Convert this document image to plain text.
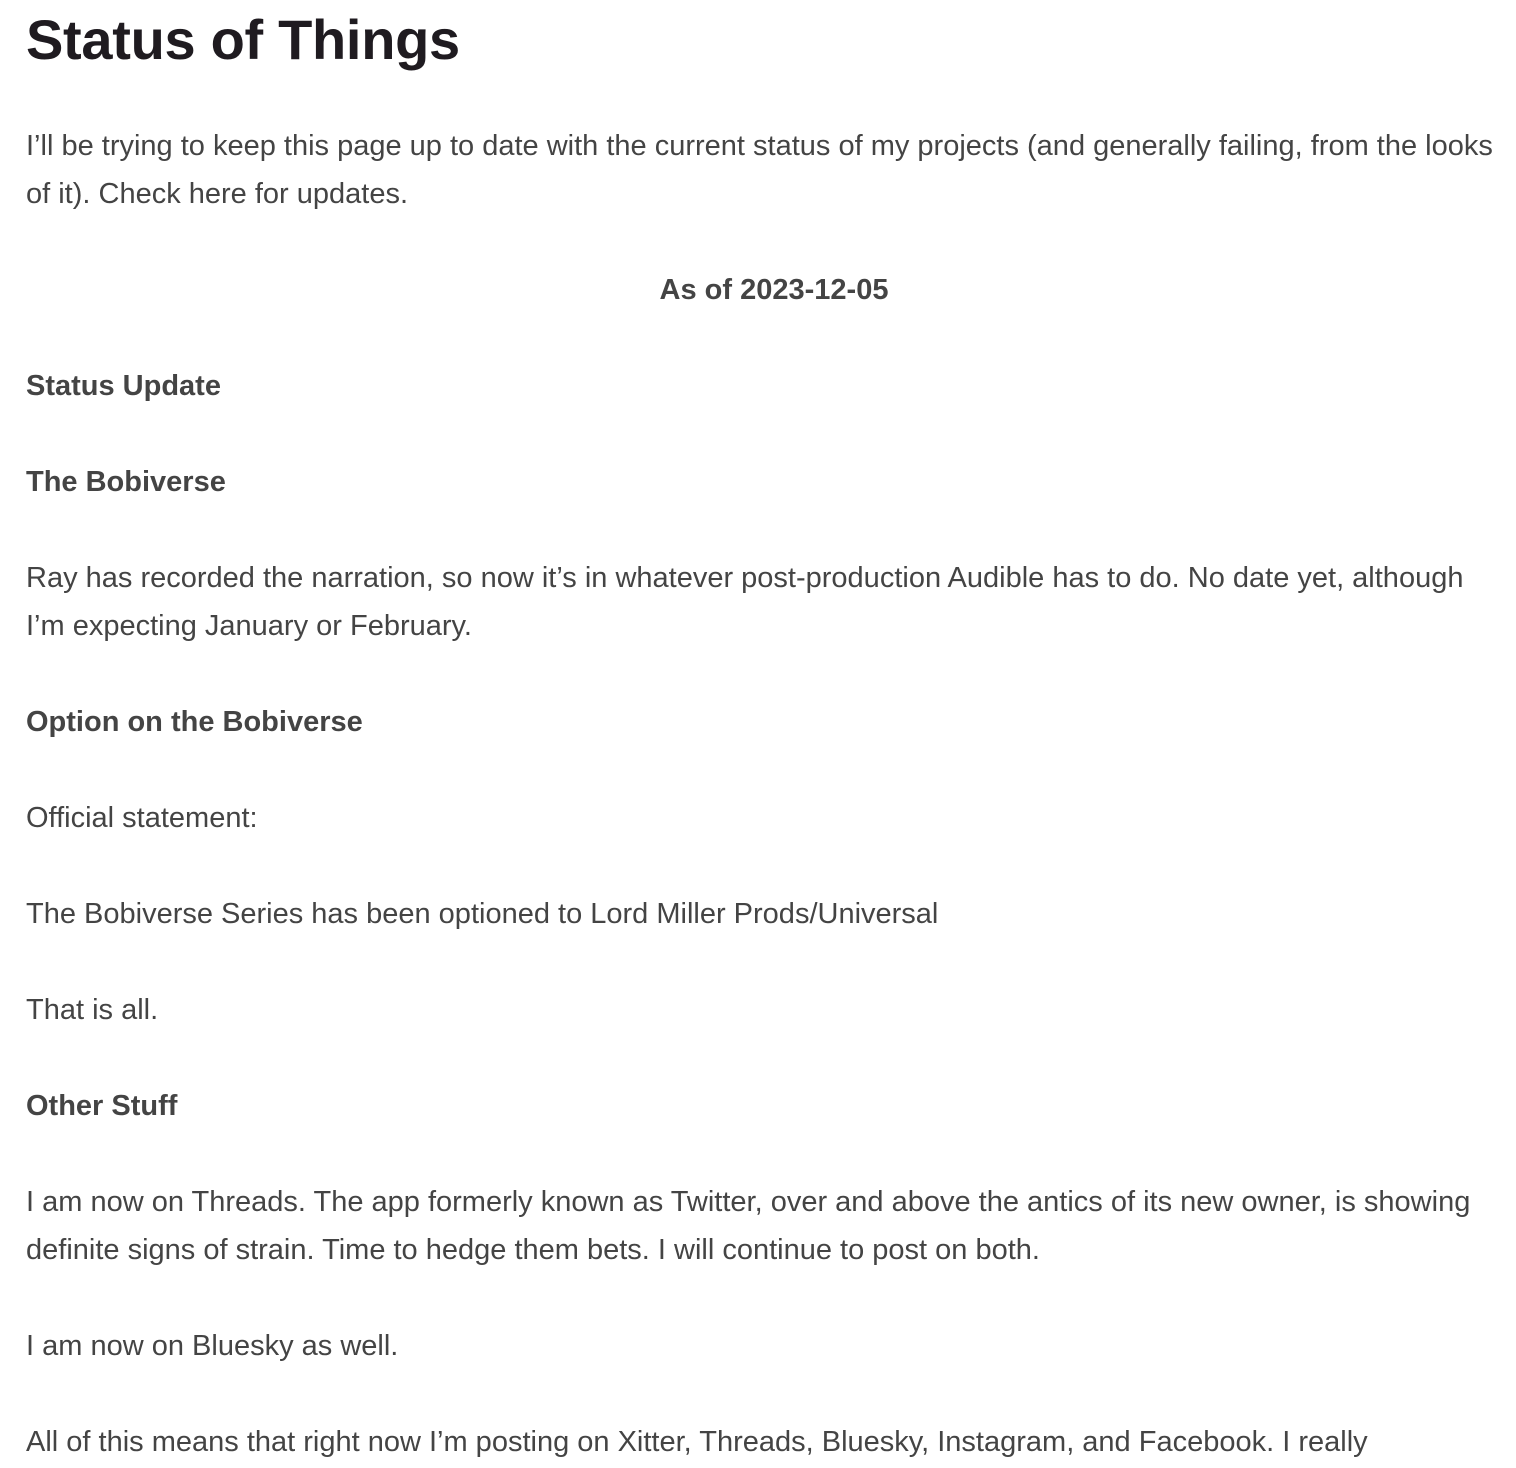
Status of Things

I’ll be trying to keep this page up to date with the current status of my projects (and generally failing, from the looks of it). Check here for updates.

As of 2023-12-05

Status Update

The Bobiverse

Ray has recorded the narration, so now it’s in whatever post-production Audible has to do. No date yet, although I’m expecting January or February.

Option on the Bobiverse

Official statement:

The Bobiverse Series has been optioned to Lord Miller Prods/Universal

That is all.

Other Stuff

I am now on Threads. The app formerly known as Twitter, over and above the antics of its new owner, is showing definite signs of strain. Time to hedge them bets. I will continue to post on both.

I am now on Bluesky as well.

All of this means that right now I’m posting on Xitter, Threads, Bluesky, Instagram, and Facebook. I really
